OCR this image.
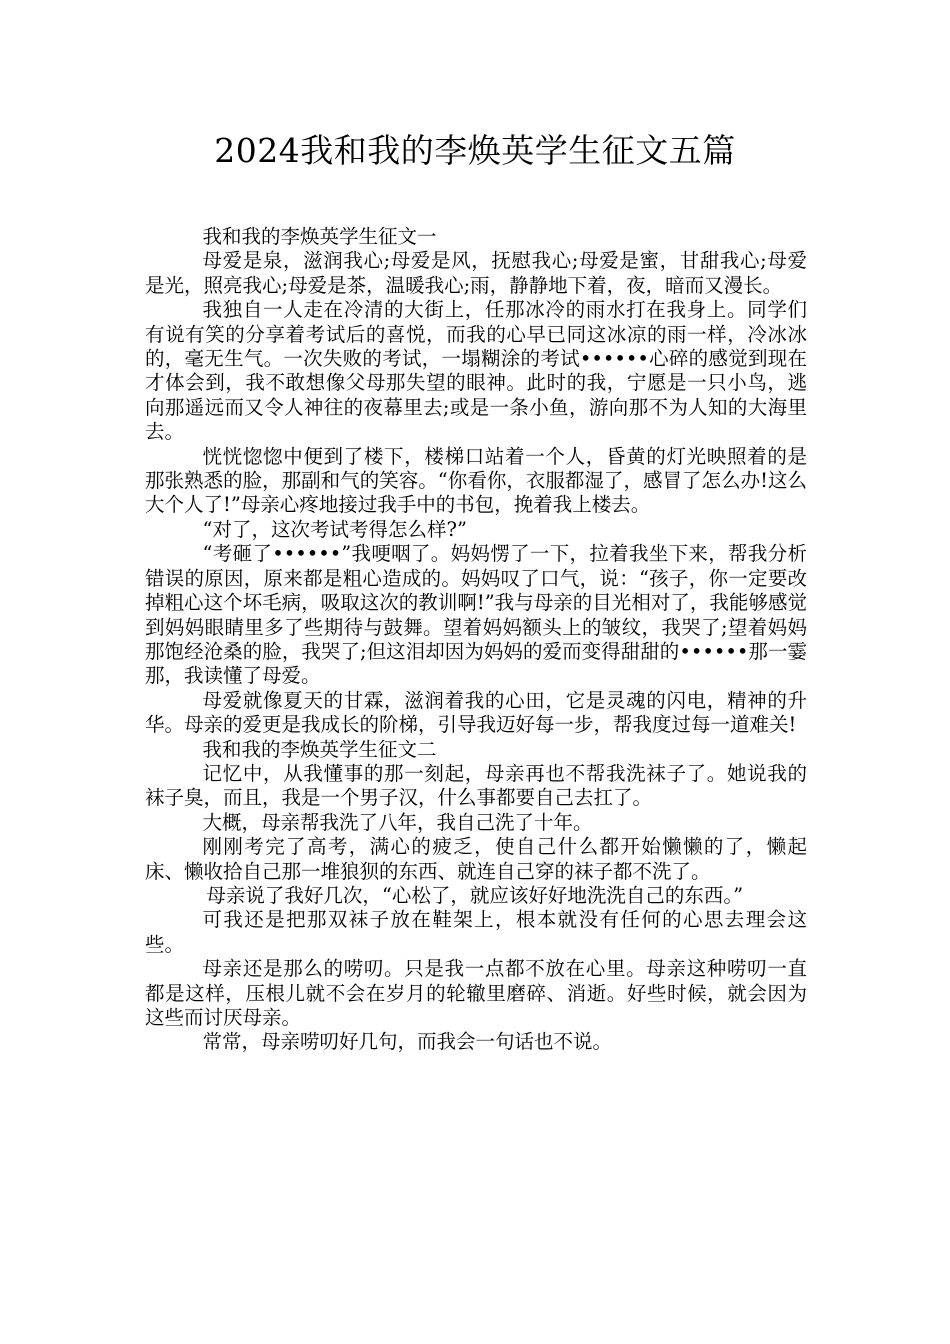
2024我和我的李焕英学生征文五篇

我和我的李焕英学生征文一

母爱是泉，滋润我心;母爱是风，抚慰我心;母爱是蜜，甘甜我心;母爱是光，照亮我心;母爱是茶，温暖我心;雨，静静地下着，夜，暗而又漫长。

我独自一人走在冷清的大街上，任那冰冷的雨水打在我身上。同学们有说有笑的分享着考试后的喜悦，而我的心早已同这冰凉的雨一样，冷冰冰的，毫无生气。一次失败的考试，一塌糊涂的考试••••••心碎的感觉到现在才体会到，我不敢想像父母那失望的眼神。此时的我，宁愿是一只小鸟，逃向那遥远而又令人神往的夜幕里去;或是一条小鱼，游向那不为人知的大海里去。

恍恍惚惚中便到了楼下，楼梯口站着一个人，昏黄的灯光映照着的是那张熟悉的脸，那副和气的笑容。“你看你，衣服都湿了，感冒了怎么办!这么大个人了!”母亲心疼地接过我手中的书包，挽着我上楼去。

“对了，这次考试考得怎么样?”

“考砸了••••••”我哽咽了。妈妈愣了一下，拉着我坐下来，帮我分析错误的原因，原来都是粗心造成的。妈妈叹了口气，说：“孩子，你一定要改掉粗心这个坏毛病，吸取这次的教训啊!”我与母亲的目光相对了，我能够感觉到妈妈眼睛里多了些期待与鼓舞。望着妈妈额头上的皱纹，我哭了;望着妈妈那饱经沧桑的脸，我哭了;但这泪却因为妈妈的爱而变得甜甜的••••••那一霎那，我读懂了母爱。

母爱就像夏天的甘霖，滋润着我的心田，它是灵魂的闪电，精神的升华。母亲的爱更是我成长的阶梯，引导我迈好每一步，帮我度过每一道难关!

我和我的李焕英学生征文二

记忆中，从我懂事的那一刻起，母亲再也不帮我洗袜子了。她说我的袜子臭，而且，我是一个男子汉，什么事都要自己去扛了。

大概，母亲帮我洗了八年，我自己洗了十年。

刚刚考完了高考，满心的疲乏，使自己什么都开始懒懒的了，懒起床、懒收拾自己那一堆狼狈的东西、就连自己穿的袜子都不洗了。

母亲说了我好几次，“心松了，就应该好好地洗洗自己的东西。”

可我还是把那双袜子放在鞋架上，根本就没有任何的心思去理会这些。

母亲还是那么的唠叨。只是我一点都不放在心里。母亲这种唠叨一直都是这样，压根儿就不会在岁月的轮辙里磨碎、消逝。好些时候，就会因为这些而讨厌母亲。

常常，母亲唠叨好几句，而我会一句话也不说。
